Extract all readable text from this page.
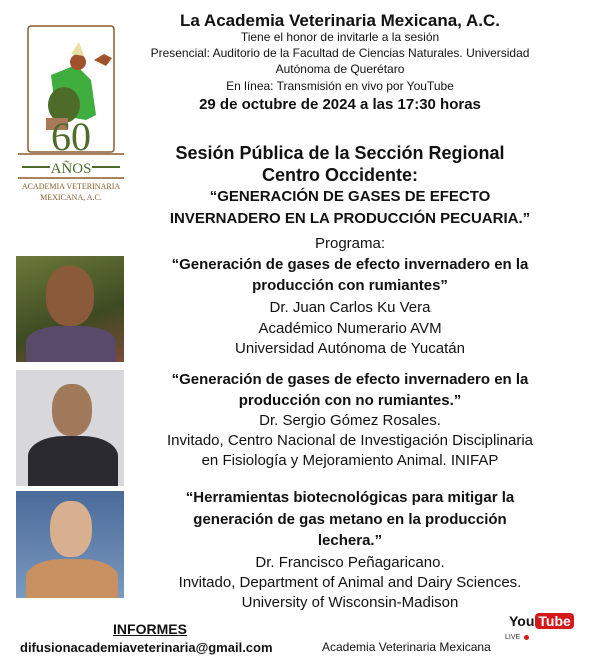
60
AÑOS
ACADEMIA VETERINARIA
MEXICANA, A.C.
La Academia Veterinaria Mexicana, A.C.
Tiene el honor de invitarle a la sesión
Presencial: Auditorio de la Facultad de Ciencias Naturales. Universidad
Autónoma de Querétaro
En línea: Transmisión en vivo por YouTube
29 de octubre de 2024 a las 17:30 horas
Sesión Pública de la Sección Regional
Centro Occidente:
“GENERACIÓN DE GASES DE EFECTO
INVERNADERO EN LA PRODUCCIÓN PECUARIA.”
Programa:
“Generación de gases de efecto invernadero en la
producción con rumiantes”
Dr. Juan Carlos Ku Vera
Académico Numerario AVM
Universidad Autónoma de Yucatán
“Generación de gases de efecto invernadero en la
producción con no rumiantes.”
Dr. Sergio Gómez Rosales.
Invitado, Centro Nacional de Investigación Disciplinaria
en Fisiología y Mejoramiento Animal. INIFAP
“Herramientas biotecnológicas para mitigar la
generación de gas metano en la producción
lechera.”
Dr. Francisco Peñagaricano.
Invitado, Department of Animal and Dairy Sciences.
University of Wisconsin-Madison
INFORMES
difusionacademiaveterinaria@gmail.com	Academia Veterinaria Mexicana
You Tube
LIVE
